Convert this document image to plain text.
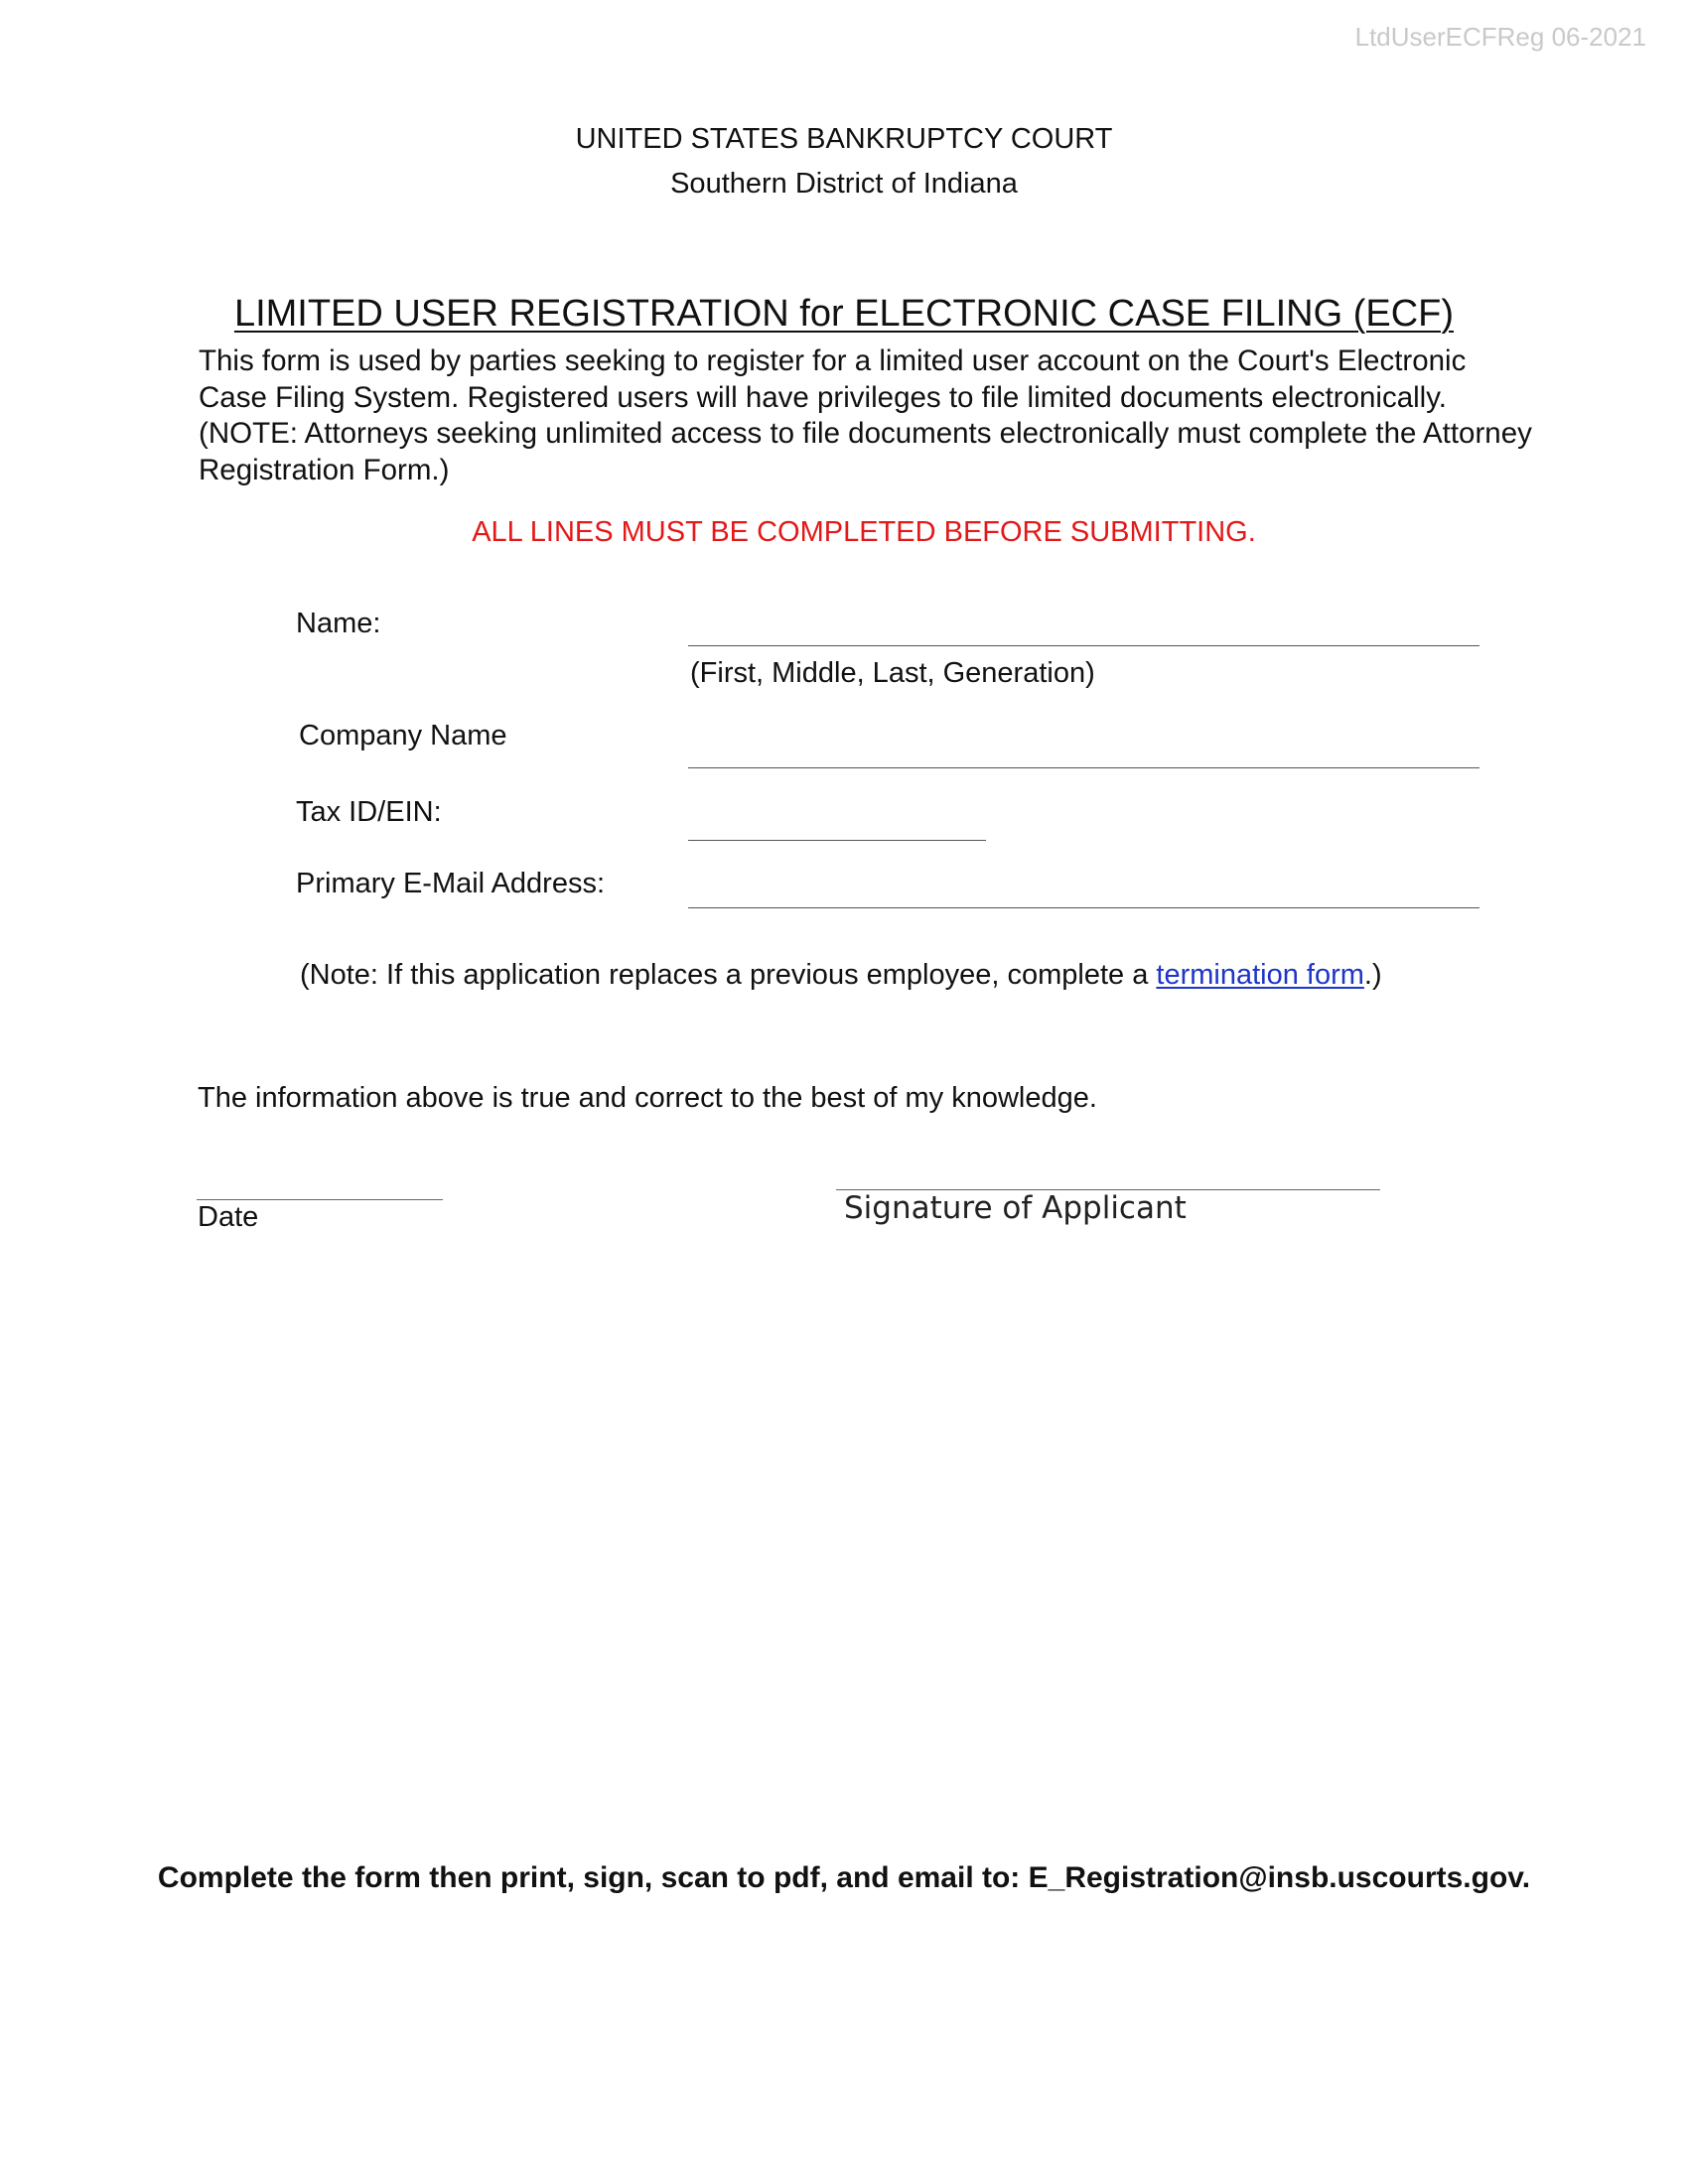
LtdUserECFReg 06-2021
UNITED STATES BANKRUPTCY COURT
Southern District of Indiana
LIMITED USER REGISTRATION for ELECTRONIC CASE FILING (ECF)
This form is used by parties seeking to register for a limited user account on the Court's Electronic
Case Filing System. Registered users will have privileges to file limited documents electronically.
(NOTE: Attorneys seeking unlimited access to file documents electronically must complete the Attorney
Registration Form.)
ALL LINES MUST BE COMPLETED BEFORE SUBMITTING.
Name:
(First, Middle, Last, Generation)
Company Name
Tax ID/EIN:
Primary E-Mail Address:
(Note: If this application replaces a previous employee, complete a termination form.)
The information above is true and correct to the best of my knowledge.
Date	Signature of Applicant
Complete the form then print, sign, scan to pdf, and email to: E_Registration@insb.uscourts.gov.
